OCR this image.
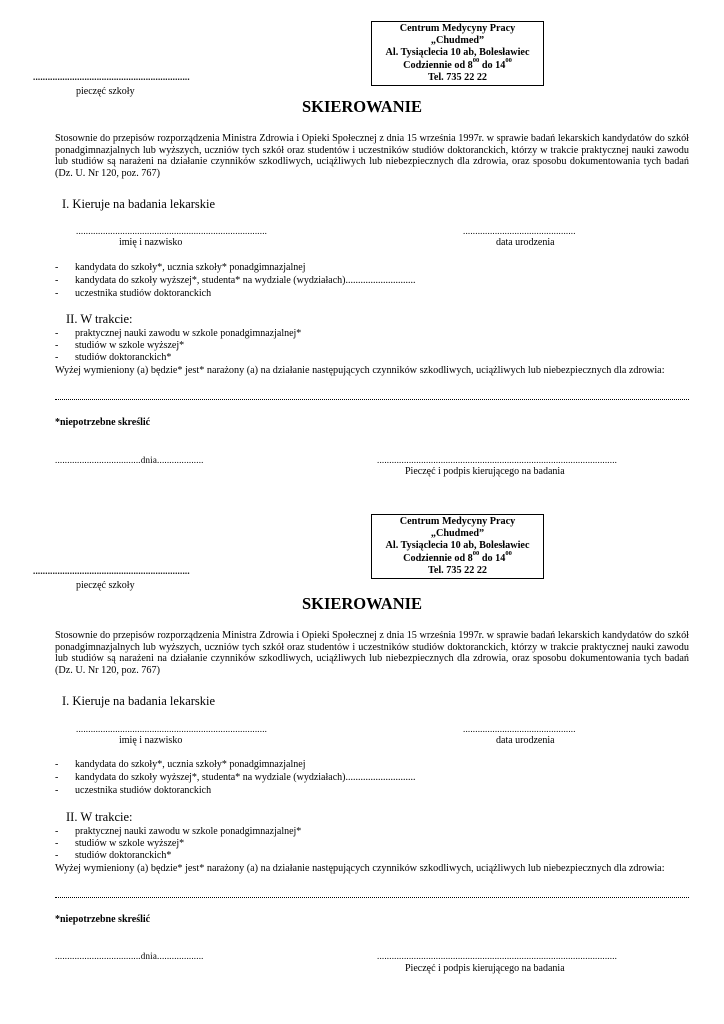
Centrum Medycyny Pracy
„Chudmed”
Al. Tysiąclecia 10 ab, Bolesławiec
Codziennie od $8^{00}$ do $14^{00}$
Tel. 735 22 22
................................................................
pieczęć szkoły
SKIEROWANIE
Stosownie do przepisów rozporządzenia Ministra Zdrowia i Opieki Społecznej z dnia 15 września 1997r. w sprawie badań lekarskich kandydatów do szkół ponadgimnazjalnych lub wyższych, uczniów tych szkół oraz studentów i uczestników studiów doktoranckich, którzy w trakcie praktycznej nauki zawodu lub studiów są narażeni na działanie czynników szkodliwych, uciążliwych lub niebezpiecznych dla zdrowia, oraz sposobu dokumentowania tych badań (Dz. U. Nr 120, poz. 767)
I. Kieruje na badania lekarskie
..............................................................................
imię i nazwisko
..............................................
data urodzenia
- kandydata do szkoły*, ucznia szkoły* ponadgimnazjalnej
- kandydata do szkoły wyższej*, studenta* na wydziale (wydziałach)............................
- uczestnika studiów doktoranckich
II. W trakcie:
- praktycznej nauki zawodu w szkole ponadgimnazjalnej*
- studiów w szkole wyższej*
- studiów doktoranckich*
Wyżej wymieniony (a) będzie* jest* narażony (a) na działanie następujących czynników szkodliwych, uciążliwych lub niebezpiecznych dla zdrowia:
*niepotrzebne skreślić
...................................dnia...................	..................................................................................................
Pieczęć i podpis kierującego na badania
Centrum Medycyny Pracy
„Chudmed”
Al. Tysiąclecia 10 ab, Bolesławiec
Codziennie od $8^{00}$ do $14^{00}$
Tel. 735 22 22
................................................................
pieczęć szkoły
SKIEROWANIE
Stosownie do przepisów rozporządzenia Ministra Zdrowia i Opieki Społecznej z dnia 15 września 1997r. w sprawie badań lekarskich kandydatów do szkół ponadgimnazjalnych lub wyższych, uczniów tych szkół oraz studentów i uczestników studiów doktoranckich, którzy w trakcie praktycznej nauki zawodu lub studiów są narażeni na działanie czynników szkodliwych, uciążliwych lub niebezpiecznych dla zdrowia, oraz sposobu dokumentowania tych badań (Dz. U. Nr 120, poz. 767)
I. Kieruje na badania lekarskie
..............................................................................
imię i nazwisko
..............................................
data urodzenia
- kandydata do szkoły*, ucznia szkoły* ponadgimnazjalnej
- kandydata do szkoły wyższej*, studenta* na wydziale (wydziałach)............................
- uczestnika studiów doktoranckich
II. W trakcie:
- praktycznej nauki zawodu w szkole ponadgimnazjalnej*
- studiów w szkole wyższej*
- studiów doktoranckich*
Wyżej wymieniony (a) będzie* jest* narażony (a) na działanie następujących czynników szkodliwych, uciążliwych lub niebezpiecznych dla zdrowia:
*niepotrzebne skreślić
...................................dnia...................	..................................................................................................
Pieczęć i podpis kierującego na badania
